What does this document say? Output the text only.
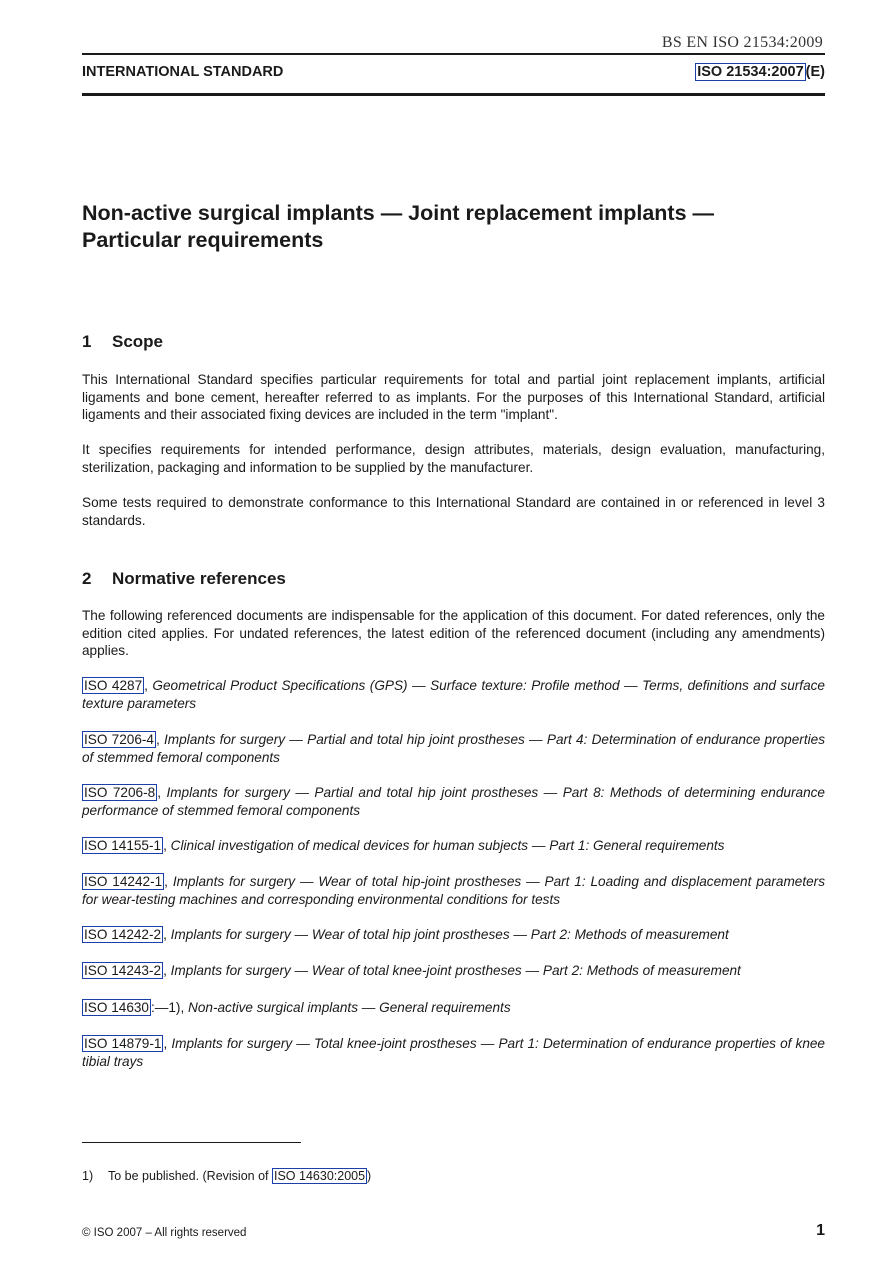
BS EN ISO 21534:2009
INTERNATIONAL STANDARD	ISO 21534:2007 (E)
Non-active surgical implants — Joint replacement implants —
Particular requirements
1 Scope
This International Standard specifies particular requirements for total and partial joint replacement implants, artificial ligaments and bone cement, hereafter referred to as implants. For the purposes of this International Standard, artificial ligaments and their associated fixing devices are included in the term "implant".
It specifies requirements for intended performance, design attributes, materials, design evaluation, manufacturing, sterilization, packaging and information to be supplied by the manufacturer.
Some tests required to demonstrate conformance to this International Standard are contained in or referenced in level 3 standards.
2 Normative references
The following referenced documents are indispensable for the application of this document. For dated references, only the edition cited applies. For undated references, the latest edition of the referenced document (including any amendments) applies.
ISO 4287 , Geometrical Product Specifications (GPS) — Surface texture: Profile method — Terms, definitions and surface texture parameters
ISO 7206-4 , Implants for surgery — Partial and total hip joint prostheses — Part 4: Determination of endurance properties of stemmed femoral components
ISO 7206-8 , Implants for surgery — Partial and total hip joint prostheses — Part 8: Methods of determining endurance performance of stemmed femoral components
ISO 14155-1 , Clinical investigation of medical devices for human subjects — Part 1: General requirements
ISO 14242-1 , Implants for surgery — Wear of total hip-joint prostheses — Part 1: Loading and displacement parameters for wear-testing machines and corresponding environmental conditions for tests
ISO 14242-2 , Implants for surgery — Wear of total hip joint prostheses — Part 2: Methods of measurement
ISO 14243-2 , Implants for surgery — Wear of total knee-joint prostheses — Part 2: Methods of measurement
ISO 14630 :—1), Non-active surgical implants — General requirements
ISO 14879-1 , Implants for surgery — Total knee-joint prostheses — Part 1: Determination of endurance properties of knee tibial trays
1) To be published. (Revision of ISO 14630:2005 )
© ISO 2007 – All rights reserved	1
